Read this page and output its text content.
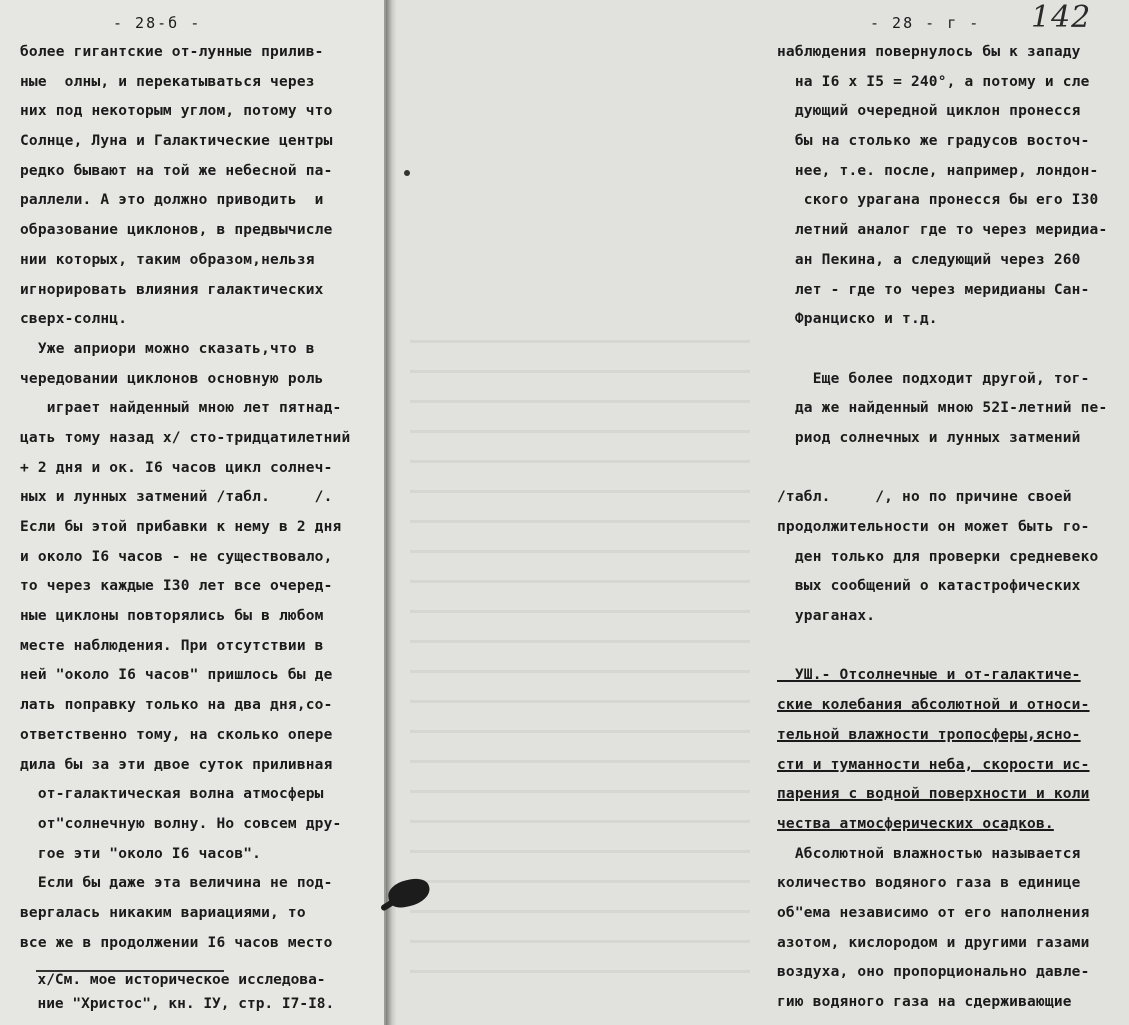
- 28-б -	- 28 - г - 142
более гигантские от-лунные прилив-
ные  олны, и перекатываться через
них под некоторым углом, потому что
Солнце, Луна и Галактические центры
редко бывают на той же небесной па-
раллели. А это должно приводить  и
образование циклонов, в предвычисле
нии которых, таким образом,нельзя
игнорировать влияния галактических
сверх-солнц.
Уже априори можно сказать,что в
чередовании циклонов основную роль
играет найденный мною лет пятнад-
цать тому назад x/ сто-тридцатилетний
+ 2 дня и ок. I6 часов цикл солнеч-
ных и лунных затмений /табл.     /.
Если бы этой прибавки к нему в 2 дня
и около I6 часов - не существовало,
то через каждые I30 лет все очеред-
ные циклоны повторялись бы в любом
месте наблюдения. При отсутствии в
ней "около I6 часов" пришлось бы де
лать поправку только на два дня,со-
ответственно тому, на сколько опере
дила бы за эти двое суток приливная
от-галактическая волна атмосферы
от"солнечную волну. Но совсем дру-
гое эти "около I6 часов".
Если бы даже эта величина не под-
вергалась никаким вариациями, то
все же в продолжении I6 часов место
х/См. мое историческое исследова-
ние "Христос", кн. IУ, стр. I7-I8.
наблюдения повернулось бы к западу
на I6 x I5 = 240°, а потому и сле
дующий очередной циклон пронесся
бы на столько же градусов восточ-
нее, т.е. после, например, лондон-
ского урагана пронесся бы его I30
летний аналог где то через меридиа-
ан Пекина, а следующий через 260
лет - где то через меридианы Сан-
Франциско и т.д.
Еще более подходит другой, тог-
да же найденный мною 52I-летний пе-
риод солнечных и лунных затмений
/табл.     /, но по причине своей
продолжительности он может быть го-
ден только для проверки средневеко
вых сообщений о катастрофических
ураганах.
УШ.- Отсолнечные и от-галактиче-
ские колебания абсолютной и относи-
тельной влажности тропосферы,ясно-
сти и туманности неба, скорости ис-
парения с водной поверхности и коли
чества атмосферических осадков.
Абсолютной влажностью называется
количество водяного газа в единице
об"ема независимо от его наполнения
азотом, кислородом и другими газами
воздуха, оно пропорционально давле-
гию водяного газа на сдерживающие
